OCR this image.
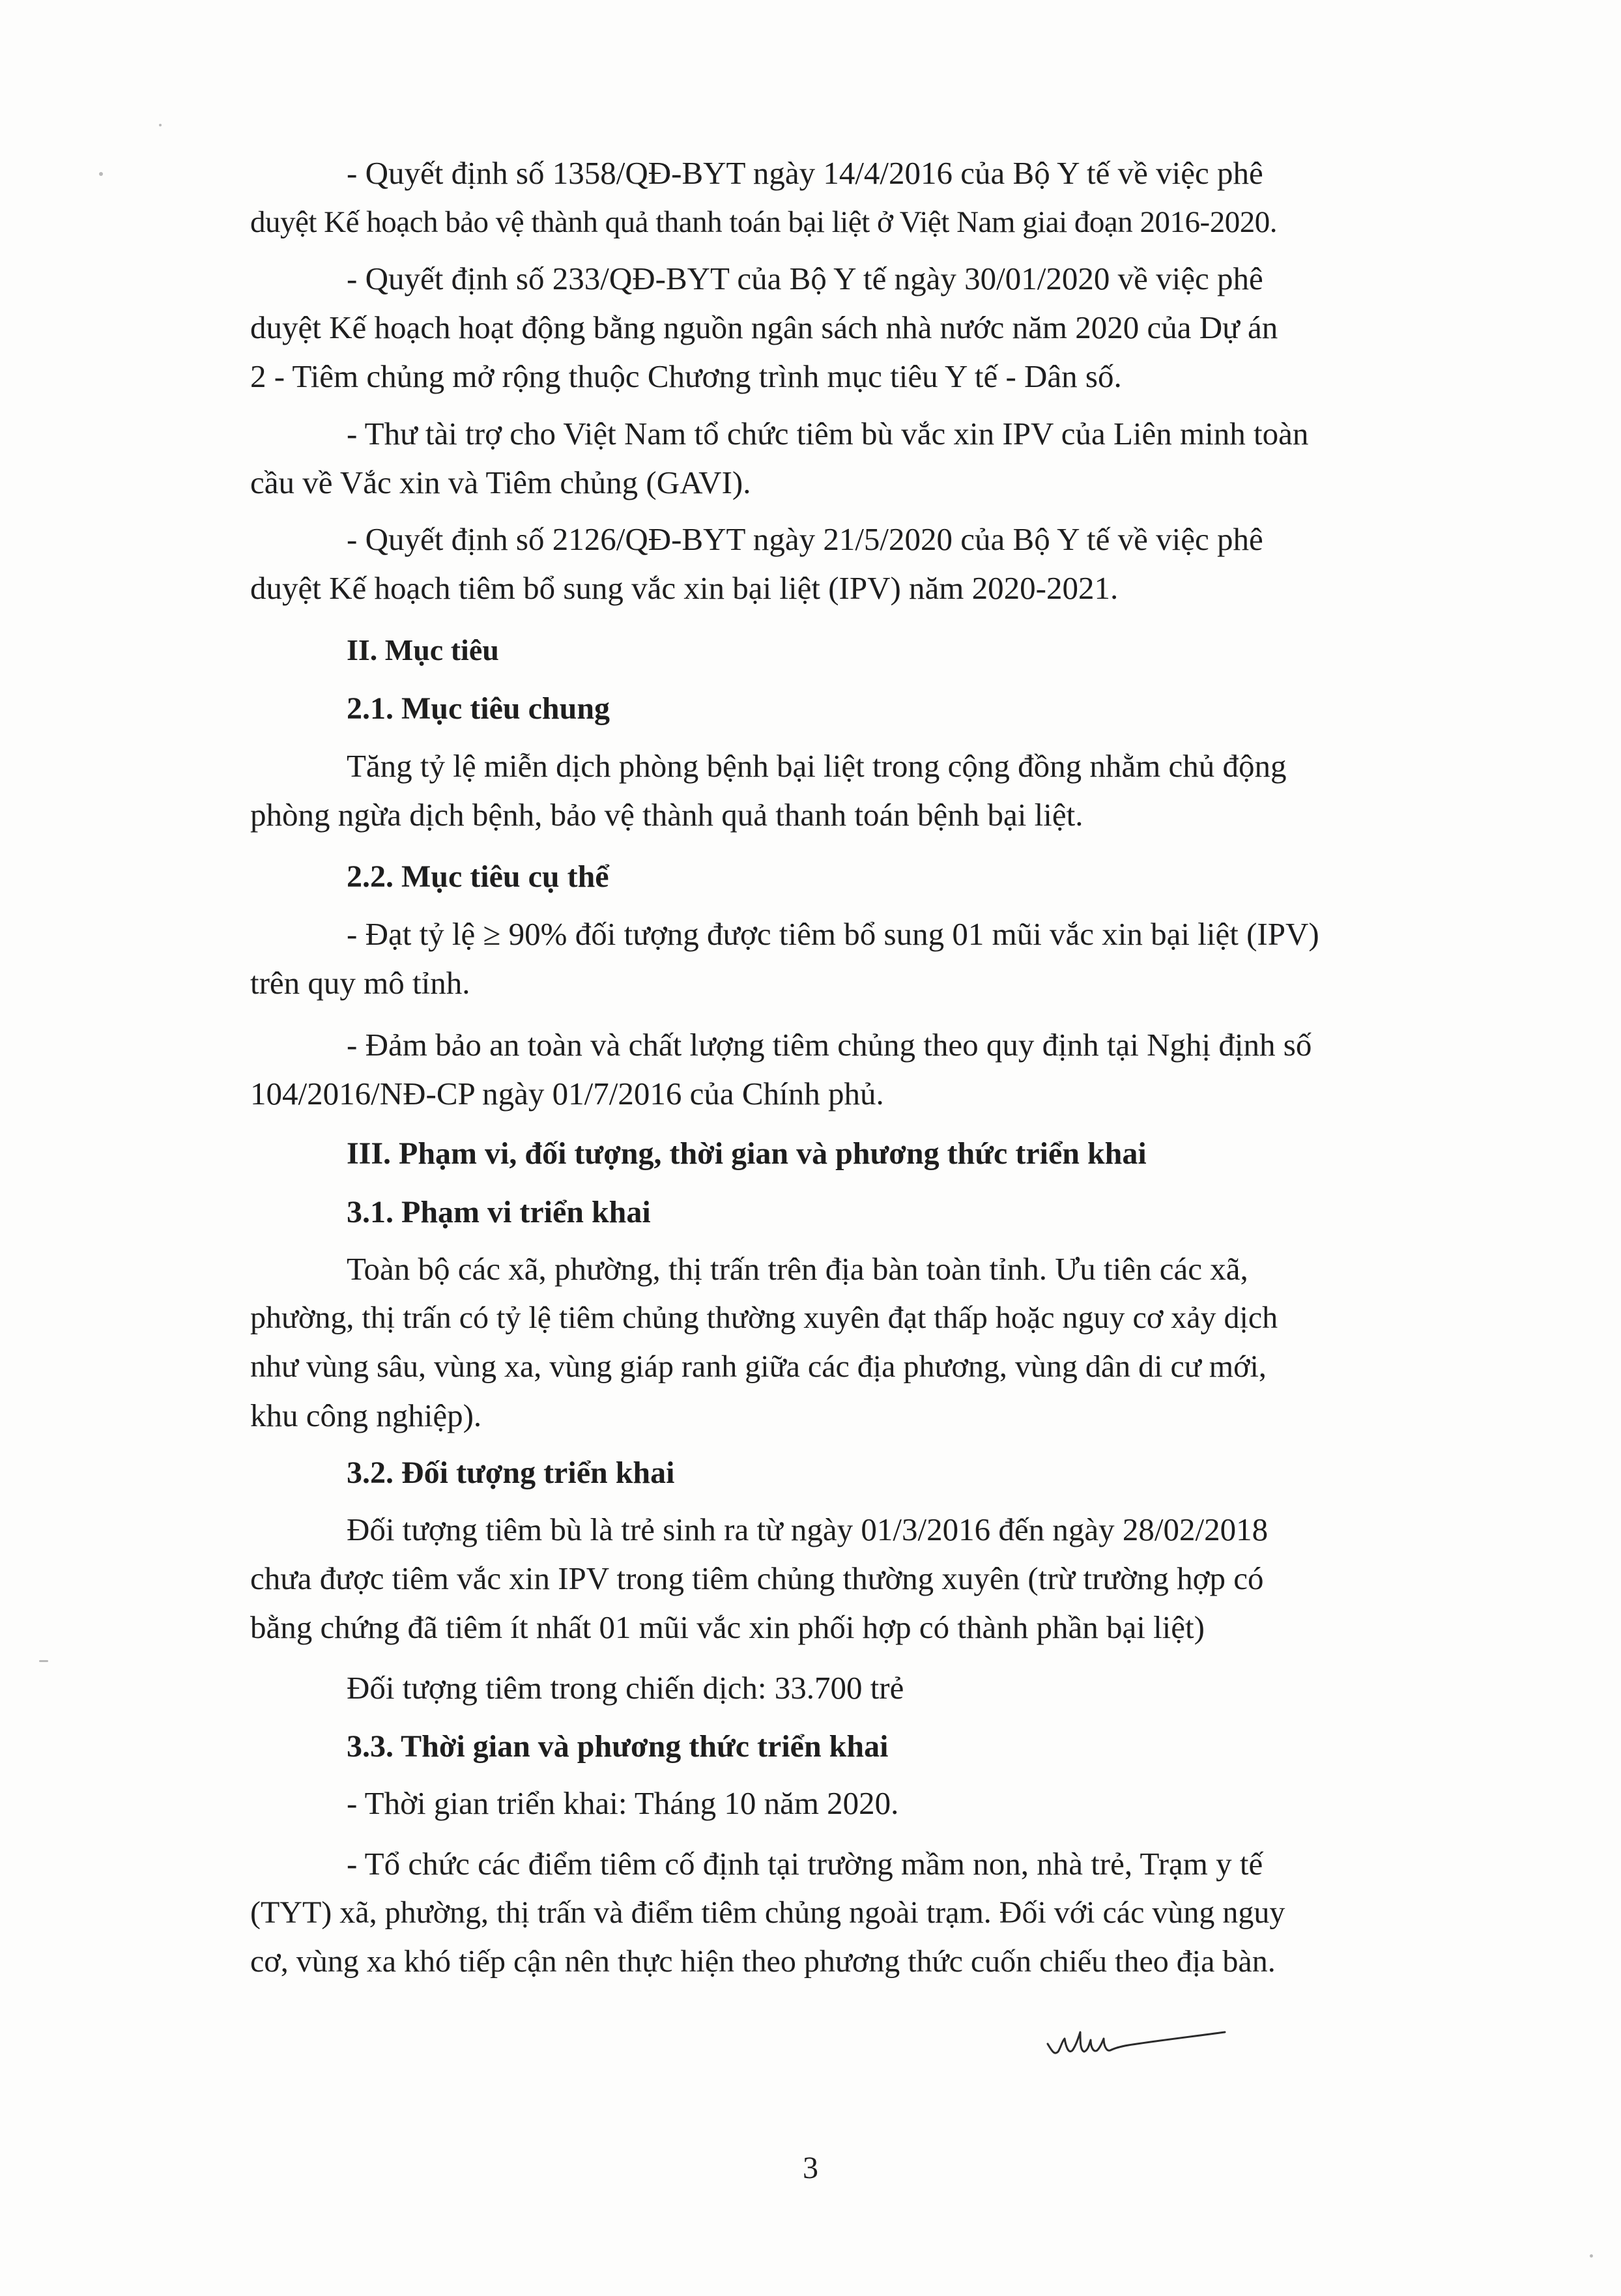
- Quyết định số 1358/QĐ-BYT ngày 14/4/2016 của Bộ Y tế về việc phê
duyệt Kế hoạch bảo vệ thành quả thanh toán bại liệt ở Việt Nam giai đoạn 2016-2020.
- Quyết định số 233/QĐ-BYT của Bộ Y tế ngày 30/01/2020 về việc phê
duyệt Kế hoạch hoạt động bằng nguồn ngân sách nhà nước năm 2020 của Dự án
2 - Tiêm chủng mở rộng thuộc Chương trình mục tiêu Y tế - Dân số.
- Thư tài trợ cho Việt Nam tổ chức tiêm bù vắc xin IPV của Liên minh toàn
cầu về Vắc xin và Tiêm chủng (GAVI).
- Quyết định số 2126/QĐ-BYT ngày 21/5/2020 của Bộ Y tế về việc phê
duyệt Kế hoạch tiêm bổ sung vắc xin bại liệt (IPV) năm 2020-2021.
II. Mục tiêu
2.1. Mục tiêu chung
Tăng tỷ lệ miễn dịch phòng bệnh bại liệt trong cộng đồng nhằm chủ động
phòng ngừa dịch bệnh, bảo vệ thành quả thanh toán bệnh bại liệt.
2.2. Mục tiêu cụ thể
- Đạt tỷ lệ ≥ 90% đối tượng được tiêm bổ sung 01 mũi vắc xin bại liệt (IPV)
trên quy mô tỉnh.
- Đảm bảo an toàn và chất lượng tiêm chủng theo quy định tại Nghị định số
104/2016/NĐ-CP ngày 01/7/2016 của Chính phủ.
III. Phạm vi, đối tượng, thời gian và phương thức triển khai
3.1. Phạm vi triển khai
Toàn bộ các xã, phường, thị trấn trên địa bàn toàn tỉnh. Ưu tiên các xã,
phường, thị trấn có tỷ lệ tiêm chủng thường xuyên đạt thấp hoặc nguy cơ xảy dịch
như vùng sâu, vùng xa, vùng giáp ranh giữa các địa phương, vùng dân di cư mới,
khu công nghiệp).
3.2. Đối tượng triển khai
Đối tượng tiêm bù là trẻ sinh ra từ ngày 01/3/2016 đến ngày 28/02/2018
chưa được tiêm vắc xin IPV trong tiêm chủng thường xuyên (trừ trường hợp có
bằng chứng đã tiêm ít nhất 01 mũi vắc xin phối hợp có thành phần bại liệt)
Đối tượng tiêm trong chiến dịch: 33.700 trẻ
3.3. Thời gian và phương thức triển khai
- Thời gian triển khai: Tháng 10 năm 2020.
- Tổ chức các điểm tiêm cố định tại trường mầm non, nhà trẻ, Trạm y tế
(TYT) xã, phường, thị trấn và điểm tiêm chủng ngoài trạm. Đối với các vùng nguy
cơ, vùng xa khó tiếp cận nên thực hiện theo phương thức cuốn chiếu theo địa bàn.
3
